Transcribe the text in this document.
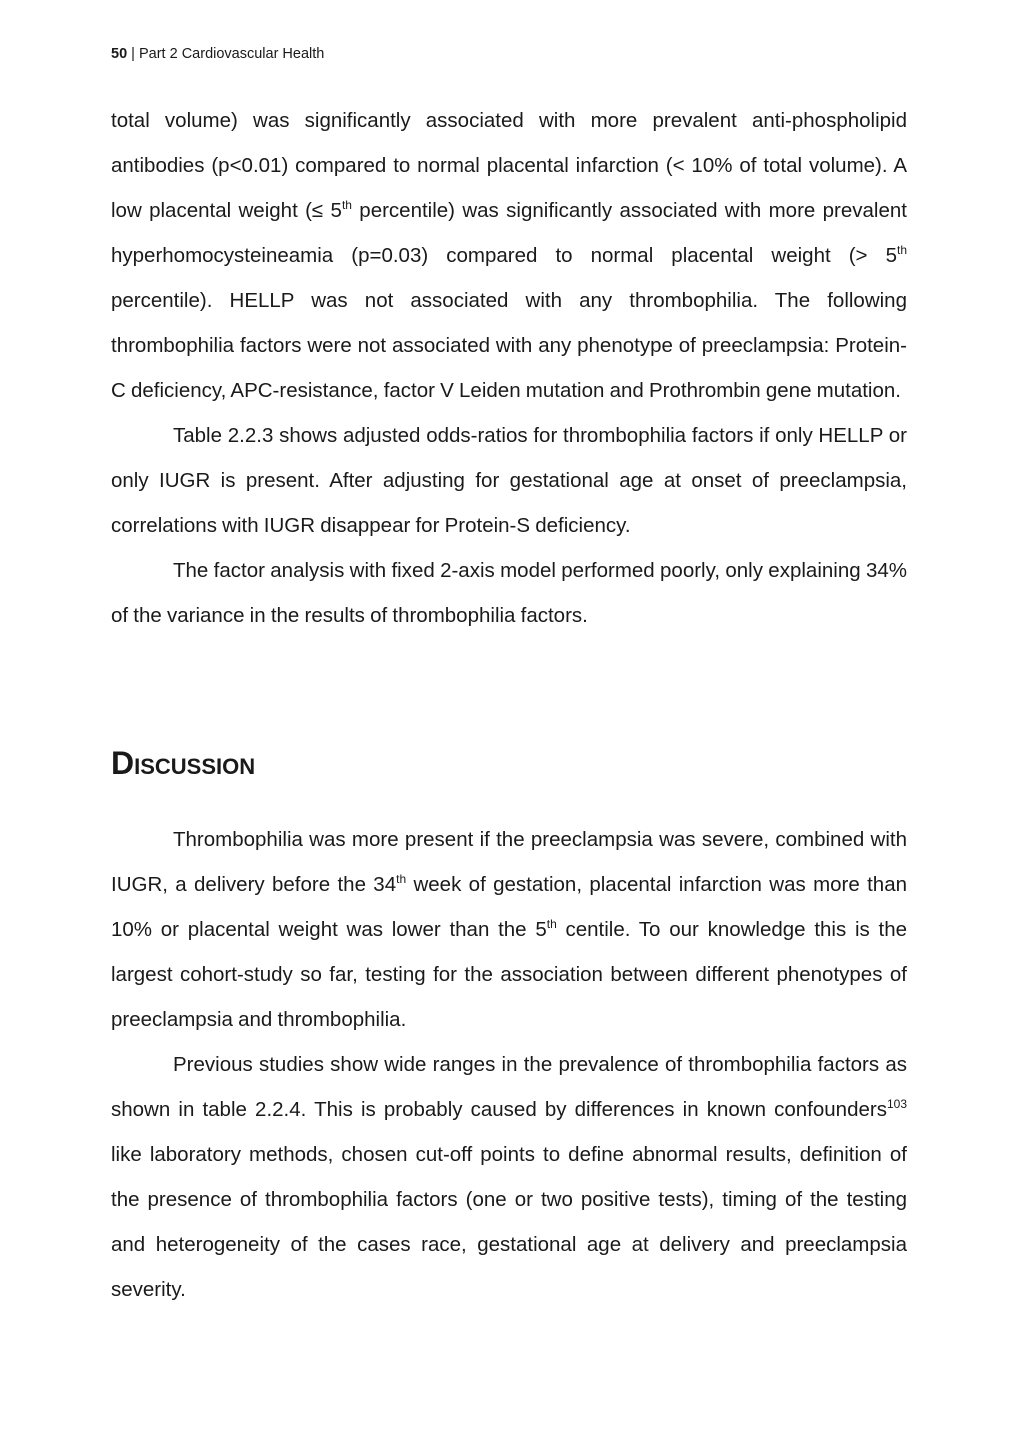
50 | Part 2 Cardiovascular Health

total volume) was significantly associated with more prevalent anti-phospholipid antibodies (p<0.01) compared to normal placental infarction (< 10% of total volume). A low placental weight (≤ 5th percentile) was significantly associated with more prevalent hyperhomocysteineamia (p=0.03) compared to normal placental weight (> 5th percentile). HELLP was not associated with any thrombophilia. The following thrombophilia factors were not associated with any phenotype of preeclampsia: Protein-C deficiency, APC-resistance, factor V Leiden mutation and Prothrombin gene mutation.

Table 2.2.3 shows adjusted odds-ratios for thrombophilia factors if only HELLP or only IUGR is present. After adjusting for gestational age at onset of preeclampsia, correlations with IUGR disappear for Protein-S deficiency.

The factor analysis with fixed 2-axis model performed poorly, only explaining 34% of the variance in the results of thrombophilia factors.

Discussion

Thrombophilia was more present if the preeclampsia was severe, combined with IUGR, a delivery before the 34th week of gestation, placental infarction was more than 10% or placental weight was lower than the 5th centile. To our knowledge this is the largest cohort-study so far, testing for the association between different phenotypes of preeclampsia and thrombophilia.

Previous studies show wide ranges in the prevalence of thrombophilia factors as shown in table 2.2.4. This is probably caused by differences in known confounders$^{103}$ like laboratory methods, chosen cut-off points to define abnormal results, definition of the presence of thrombophilia factors (one or two positive tests), timing of the testing and heterogeneity of the cases race, gestational age at delivery and preeclampsia severity.
